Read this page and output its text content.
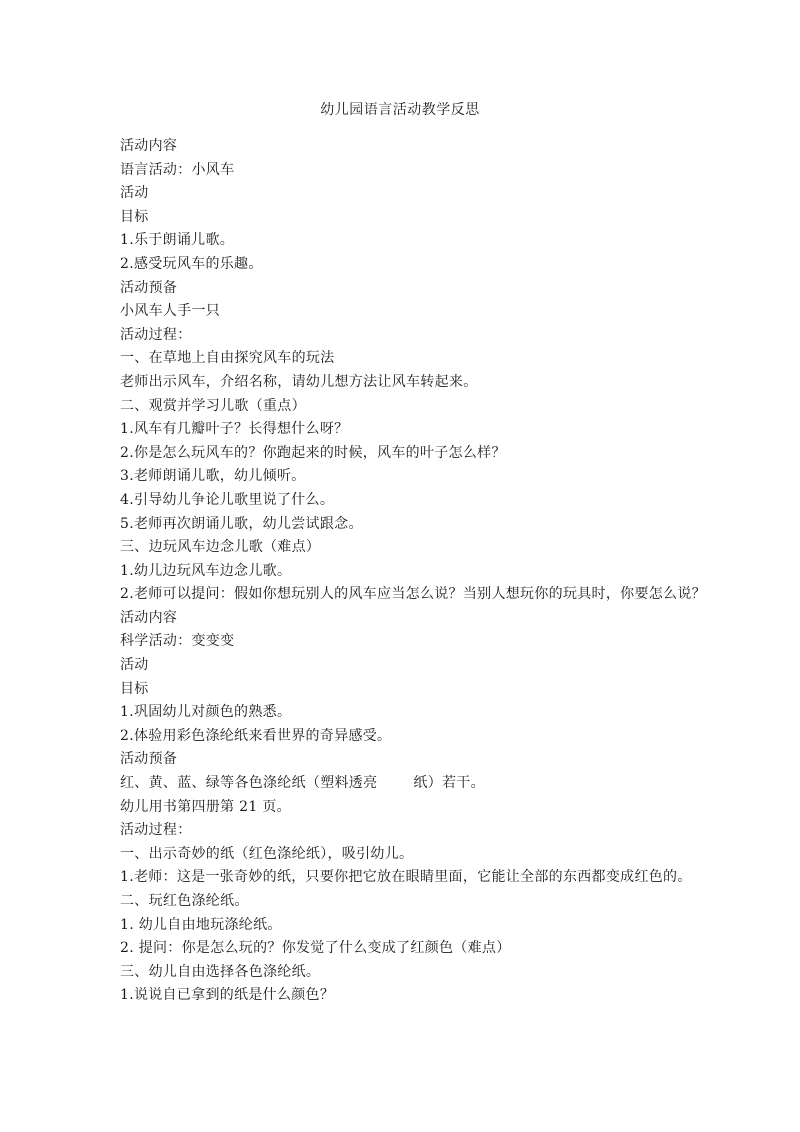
幼儿园语言活动教学反思
活动内容
语言活动：小风车
活动
目标
1.乐于朗诵儿歌。
2.感受玩风车的乐趣。
活动预备
小风车人手一只
活动过程：
一、在草地上自由探究风车的玩法
老师出示风车，介绍名称，请幼儿想方法让风车转起来。
二、观赏并学习儿歌（重点）
1.风车有几瓣叶子？长得想什么呀？
2.你是怎么玩风车的？你跑起来的时候，风车的叶子怎么样？
3.老师朗诵儿歌，幼儿倾听。
4.引导幼儿争论儿歌里说了什么。
5.老师再次朗诵儿歌，幼儿尝试跟念。
三、边玩风车边念儿歌（难点）
1.幼儿边玩风车边念儿歌。
2.老师可以提问：假如你想玩别人的风车应当怎么说？当别人想玩你的玩具时，你要怎么说？
活动内容
科学活动：变变变
活动
目标
1.巩固幼儿对颜色的熟悉。
2.体验用彩色涤纶纸来看世界的奇异感受。
活动预备
红、黄、蓝、绿等各色涤纶纸（塑料透亮	纸）若干。
幼儿用书第四册第 21 页。
活动过程：
一、出示奇妙的纸（红色涤纶纸），吸引幼儿。
1.老师：这是一张奇妙的纸，只要你把它放在眼睛里面，它能让全部的东西都变成红色的。
二、玩红色涤纶纸。
1. 幼儿自由地玩涤纶纸。
2. 提问：你是怎么玩的？你发觉了什么变成了红颜色（难点）
三、幼儿自由选择各色涤纶纸。
1.说说自已拿到的纸是什么颜色？
